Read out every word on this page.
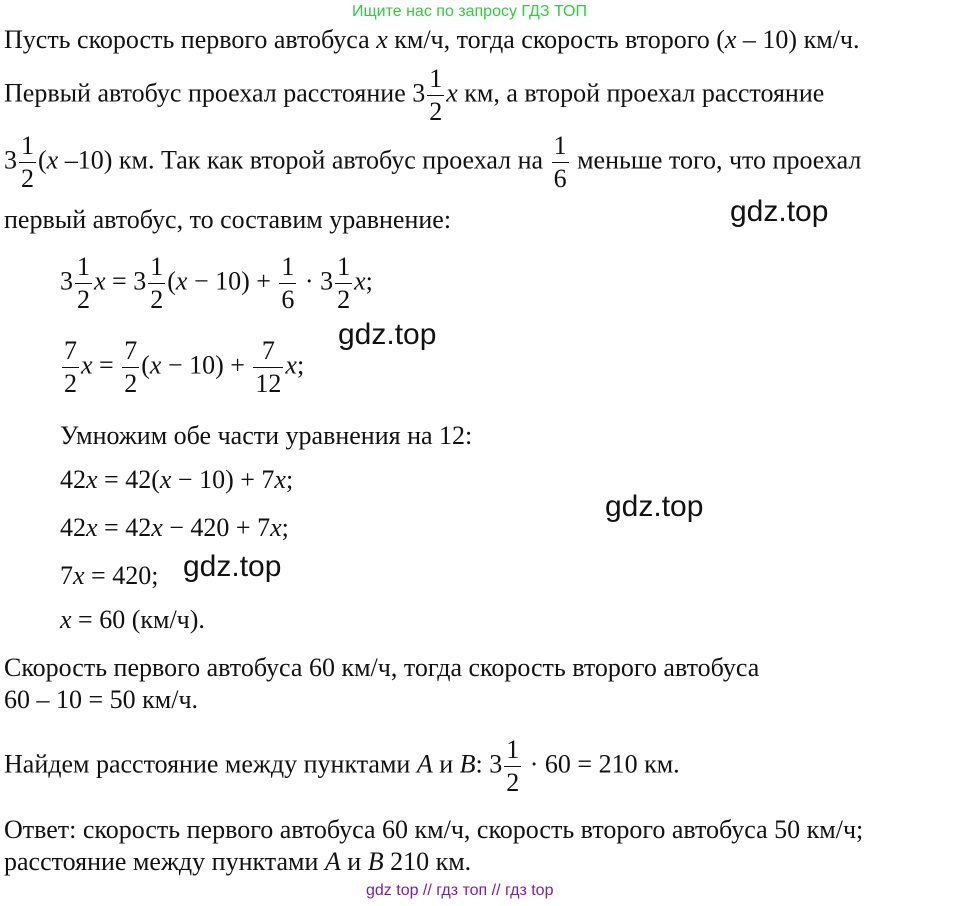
Ищите нас по запросу ГДЗ ТОП
Пусть скорость первого автобуса x км/ч, тогда скорость второго (x – 10) км/ч.
Первый автобус проехал расстояние $3 \frac{1}{2}$ x км, а второй проехал расстояние
$3 \frac{1}{2} (x$ –10) км. Так как второй автобус проехал на $\frac{1}{6}$ меньше того, что проехал
первый автобус, то составим уравнение:	gdz.top
$3 \frac{1}{2}$ $x = 3 \frac{1}{2} (x - 10) + \frac{1}{6} \cdot 3 \frac{1}{2} x$;
gdz.top
$\frac{7}{2}$ $x = \frac{7}{2} (x - 10) + \frac{7}{12} x$;
Умножим обе части уравнения на 12:
42x = 42(x − 10) + 7x;
gdz.top
42x = 42x − 420 + 7x;
7x = 420; gdz.top
x = 60 (км/ч).
Скорость первого автобуса 60 км/ч, тогда скорость второго автобуса
60 – 10 = 50 км/ч.
Найдем расстояние между пунктами A и B: $3 \frac{1}{2} \cdot 60 = 210$ км.
Ответ: скорость первого автобуса 60 км/ч, скорость второго автобуса 50 км/ч;
расстояние между пунктами A и B 210 км.
gdz top // гдз топ // гдз top
